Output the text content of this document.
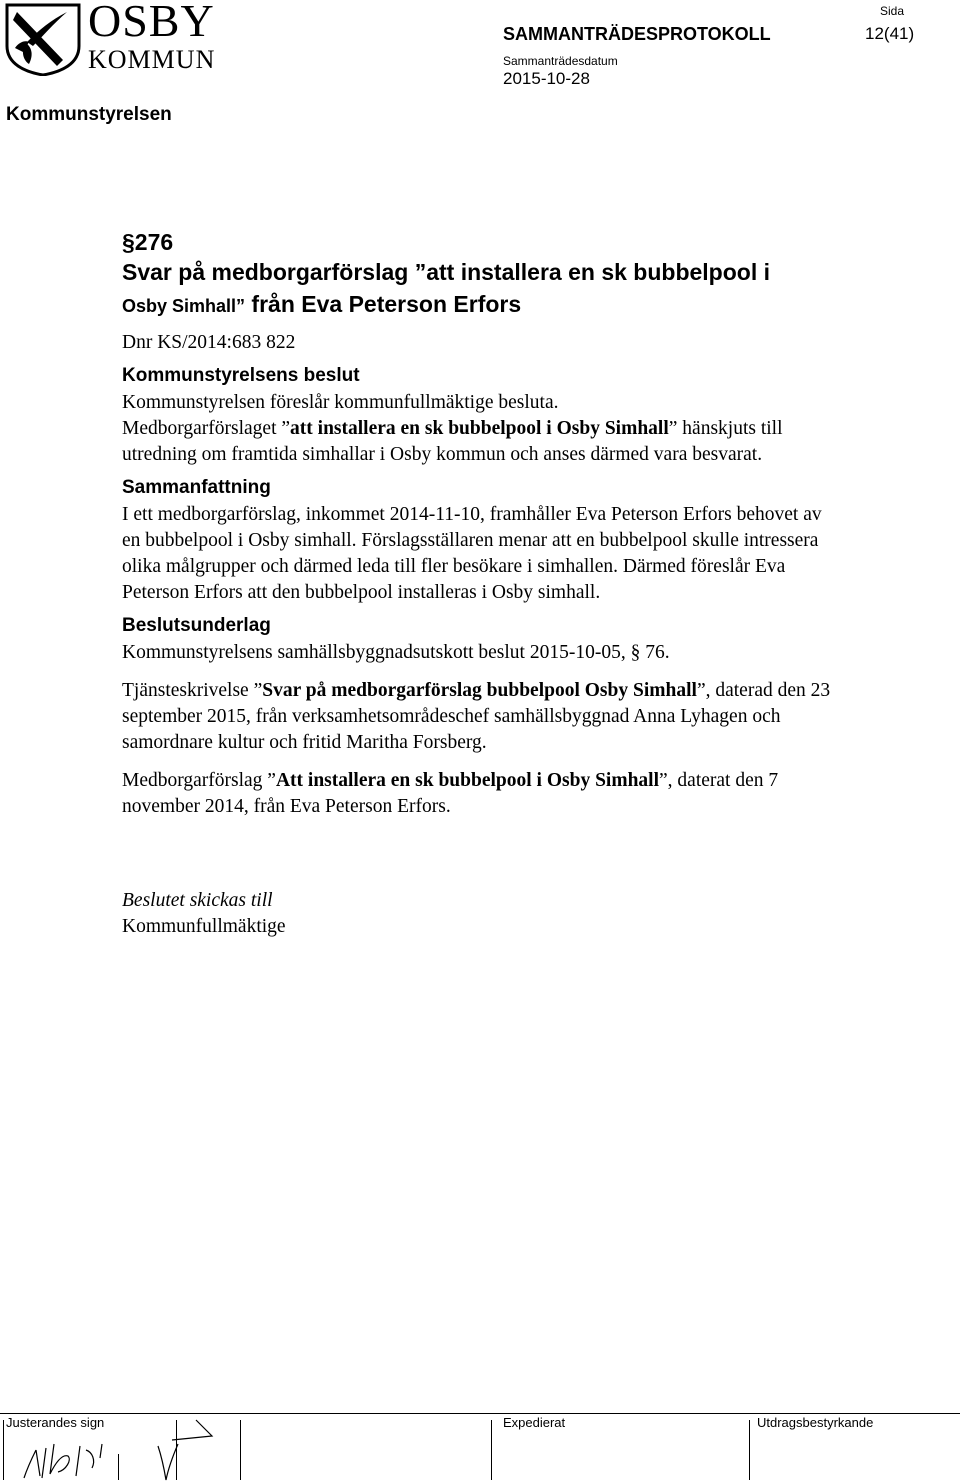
OSBY
KOMMUN
Kommunstyrelsen
SAMMANTRÄDESPROTOKOLL
Sammanträdesdatum
2015-10-28
Sida
12(41)
§276
Svar på medborgarförslag ”att installera en sk bubbelpool i
Osby Simhall” från Eva Peterson Erfors
Dnr KS/2014:683 822
Kommunstyrelsens beslut
Kommunstyrelsen föreslår kommunfullmäktige besluta.
Medborgarförslaget ”att installera en sk bubbelpool i Osby Simhall” hänskjuts till utredning om framtida simhallar i Osby kommun och anses därmed vara besvarat.
Sammanfattning
I ett medborgarförslag, inkommet 2014-11-10, framhåller Eva Peterson Erfors behovet av en bubbelpool i Osby simhall. Förslagsställaren menar att en bubbelpool skulle intressera olika målgrupper och därmed leda till fler besökare i simhallen. Därmed föreslår Eva Peterson Erfors att den bubbelpool installeras i Osby simhall.
Beslutsunderlag
Kommunstyrelsens samhällsbyggnadsutskott beslut 2015-10-05, § 76.
Tjänsteskrivelse ”Svar på medborgarförslag bubbelpool Osby Simhall”, daterad den 23 september 2015, från verksamhetsområdeschef samhällsbyggnad Anna Lyhagen och samordnare kultur och fritid Maritha Forsberg.
Medborgarförslag ”Att installera en sk bubbelpool i Osby Simhall”, daterat den 7 november 2014, från Eva Peterson Erfors.
Beslutet skickas till
Kommunfullmäktige
Justerandes sign	Expedierat	Utdragsbestyrkande
